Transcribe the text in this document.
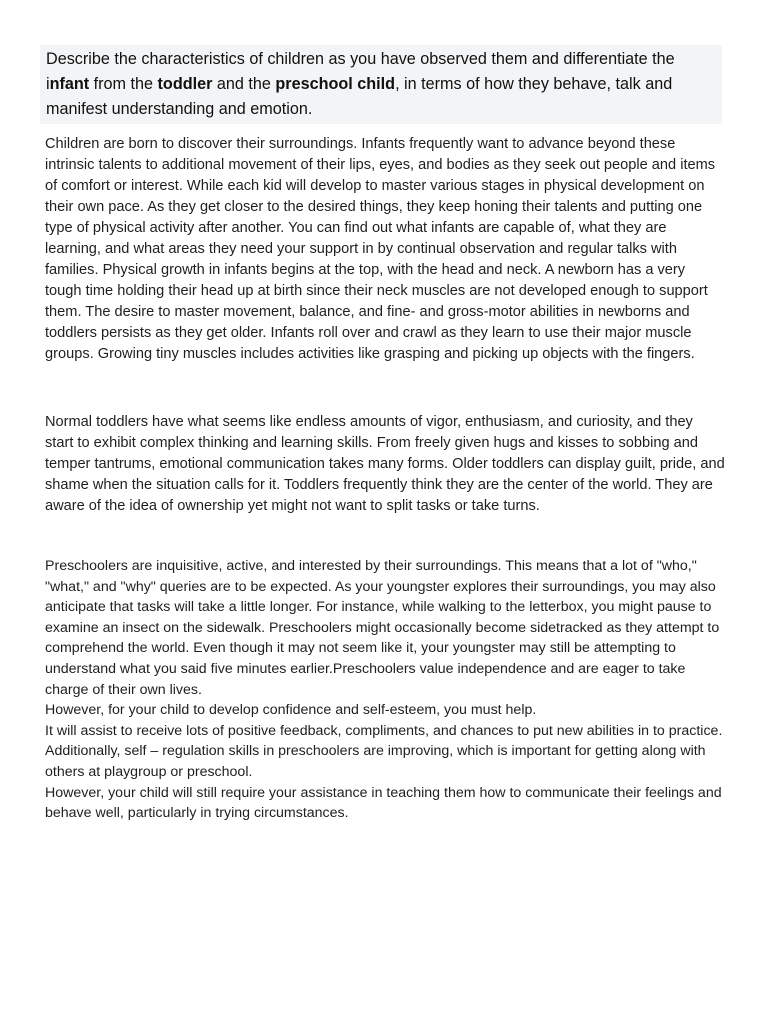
Describe the characteristics of children as you have observed them and differentiate the infant from the toddler and the preschool child, in terms of how they behave, talk and manifest understanding and emotion.

Children are born to discover their surroundings. Infants frequently want to advance beyond these intrinsic talents to additional movement of their lips, eyes, and bodies as they seek out people and items of comfort or interest. While each kid will develop to master various stages in physical development on their own pace. As they get closer to the desired things, they keep honing their talents and putting one type of physical activity after another. You can find out what infants are capable of, what they are learning, and what areas they need your support in by continual observation and regular talks with families. Physical growth in infants begins at the top, with the head and neck. A newborn has a very tough time holding their head up at birth since their neck muscles are not developed enough to support them. The desire to master movement, balance, and fine- and gross-motor abilities in newborns and toddlers persists as they get older. Infants roll over and crawl as they learn to use their major muscle groups. Growing tiny muscles includes activities like grasping and picking up objects with the fingers.

Normal toddlers have what seems like endless amounts of vigor, enthusiasm, and curiosity, and they start to exhibit complex thinking and learning skills. From freely given hugs and kisses to sobbing and temper tantrums, emotional communication takes many forms. Older toddlers can display guilt, pride, and shame when the situation calls for it. Toddlers frequently think they are the center of the world. They are aware of the idea of ownership yet might not want to split tasks or take turns.

Preschoolers are inquisitive, active, and interested by their surroundings. This means that a lot of "who," "what," and "why" queries are to be expected. As your youngster explores their surroundings, you may also anticipate that tasks will take a little longer. For instance, while walking to the letterbox, you might pause to examine an insect on the sidewalk. Preschoolers might occasionally become sidetracked as they attempt to comprehend the world. Even though it may not seem like it, your youngster may still be attempting to understand what you said five minutes earlier.Preschoolers value independence and are eager to take charge of their own lives.
However, for your child to develop confidence and self-esteem, you must help.
It will assist to receive lots of positive feedback, compliments, and chances to put new abilities in to practice. Additionally, self – regulation skills in preschoolers are improving, which is important for getting along with others at playgroup or preschool.
However, your child will still require your assistance in teaching them how to communicate their feelings and behave well, particularly in trying circumstances.
